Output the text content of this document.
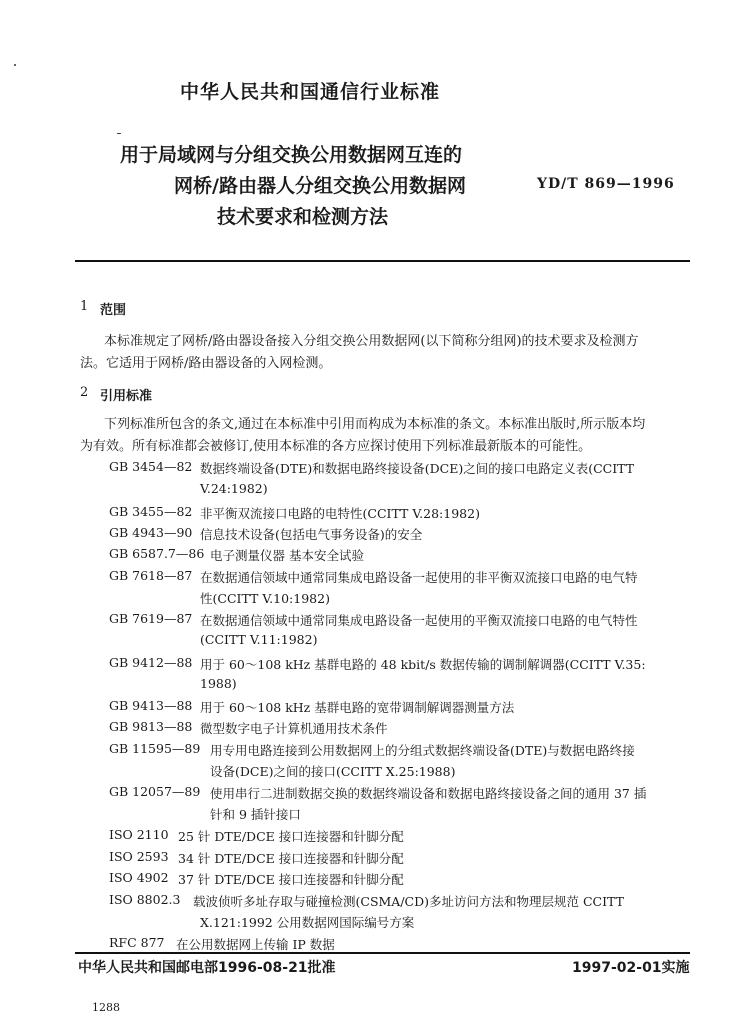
中华人民共和国通信行业标准
用于局域网与分组交换公用数据网互连的
网桥/路由器人分组交换公用数据网
技术要求和检测方法
YD/T 869—1996
1 范围
本标准规定了网桥/路由器设备接入分组交换公用数据网(以下简称分组网)的技术要求及检测方
法。它适用于网桥/路由器设备的入网检测。
2 引用标准
下列标准所包含的条文,通过在本标准中引用而构成为本标准的条文。本标准出版时,所示版本均
为有效。所有标准都会被修订,使用本标准的各方应探讨使用下列标准最新版本的可能性。
GB 3454—82 数据终端设备(DTE)和数据电路终接设备(DCE)之间的接口电路定义表(CCITT
V.24:1982)
GB 3455—82 非平衡双流接口电路的电特性(CCITT V.28:1982)
GB 4943—90 信息技术设备(包括电气事务设备)的安全
GB 6587.7—86 电子测量仪器 基本安全试验
GB 7618—87 在数据通信领域中通常同集成电路设备一起使用的非平衡双流接口电路的电气特
性(CCITT V.10:1982)
GB 7619—87 在数据通信领域中通常同集成电路设备一起使用的平衡双流接口电路的电气特性
(CCITT V.11:1982)
GB 9412—88 用于 60～108 kHz 基群电路的 48 kbit/s 数据传输的调制解调器(CCITT V.35:
1988)
GB 9413—88 用于 60～108 kHz 基群电路的宽带调制解调器测量方法
GB 9813—88 微型数字电子计算机通用技术条件
GB 11595—89 用专用电路连接到公用数据网上的分组式数据终端设备(DTE)与数据电路终接
设备(DCE)之间的接口(CCITT X.25:1988)
GB 12057—89 使用串行二进制数据交换的数据终端设备和数据电路终接设备之间的通用 37 插
针和 9 插针接口
ISO 2110 25 针 DTE/DCE 接口连接器和针脚分配
ISO 2593 34 针 DTE/DCE 接口连接器和针脚分配
ISO 4902 37 针 DTE/DCE 接口连接器和针脚分配
ISO 8802.3 载波侦听多址存取与碰撞检测(CSMA/CD)多址访问方法和物理层规范 CCITT
X.121:1992 公用数据网国际编号方案
RFC 877 在公用数据网上传输 IP 数据
中华人民共和国邮电部1996-08-21批准	1997-02-01实施
1288
